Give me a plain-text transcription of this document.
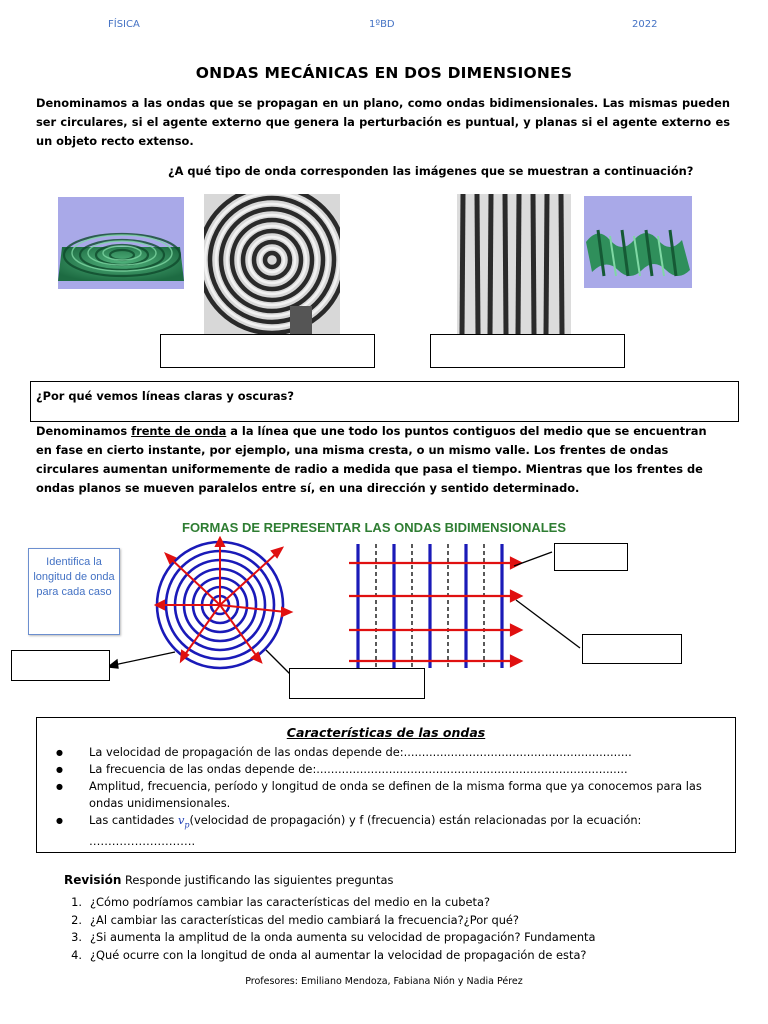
FÍSICA	1ºBD	2022
ONDAS MECÁNICAS EN DOS DIMENSIONES
Denominamos a las ondas que se propagan en un plano, como ondas bidimensionales. Las mismas pueden ser circulares, si el agente externo que genera la perturbación es puntual, y planas si el agente externo es un objeto recto extenso.
¿A qué tipo de onda corresponden las imágenes que se muestran a continuación?
¿Por qué vemos líneas claras y oscuras?
Denominamos frente de onda a la línea que une todo los puntos contiguos del medio que se encuentran en fase en cierto instante, por ejemplo, una misma cresta, o un mismo valle. Los frentes de ondas circulares aumentan uniformemente de radio a medida que pasa el tiempo. Mientras que los frentes de ondas planos se mueven paralelos entre sí, en una dirección y sentido determinado.
FORMAS DE REPRESENTAR LAS ONDAS BIDIMENSIONALES
Identifica la longitud de onda para cada caso
Características de las ondas
● La velocidad de propagación de las ondas depende de:...............................................................
● La frecuencia de las ondas depende de:......................................................................................
● Amplitud, frecuencia, período y longitud de onda se definen de la misma forma que ya conocemos para las ondas unidimensionales.
● Las cantidades $v_p(velocidad$ de propagación) y f (frecuencia) están relacionadas por la ecuación:
……………………….
Revisión Responde justificando las siguientes preguntas
1. ¿Cómo podríamos cambiar las características del medio en la cubeta?
2. ¿Al cambiar las características del medio cambiará la frecuencia?¿Por qué?
3. ¿Si aumenta la amplitud de la onda aumenta su velocidad de propagación? Fundamenta
4. ¿Qué ocurre con la longitud de onda al aumentar la velocidad de propagación de esta?
Profesores: Emiliano Mendoza, Fabiana Nión y Nadia Pérez
